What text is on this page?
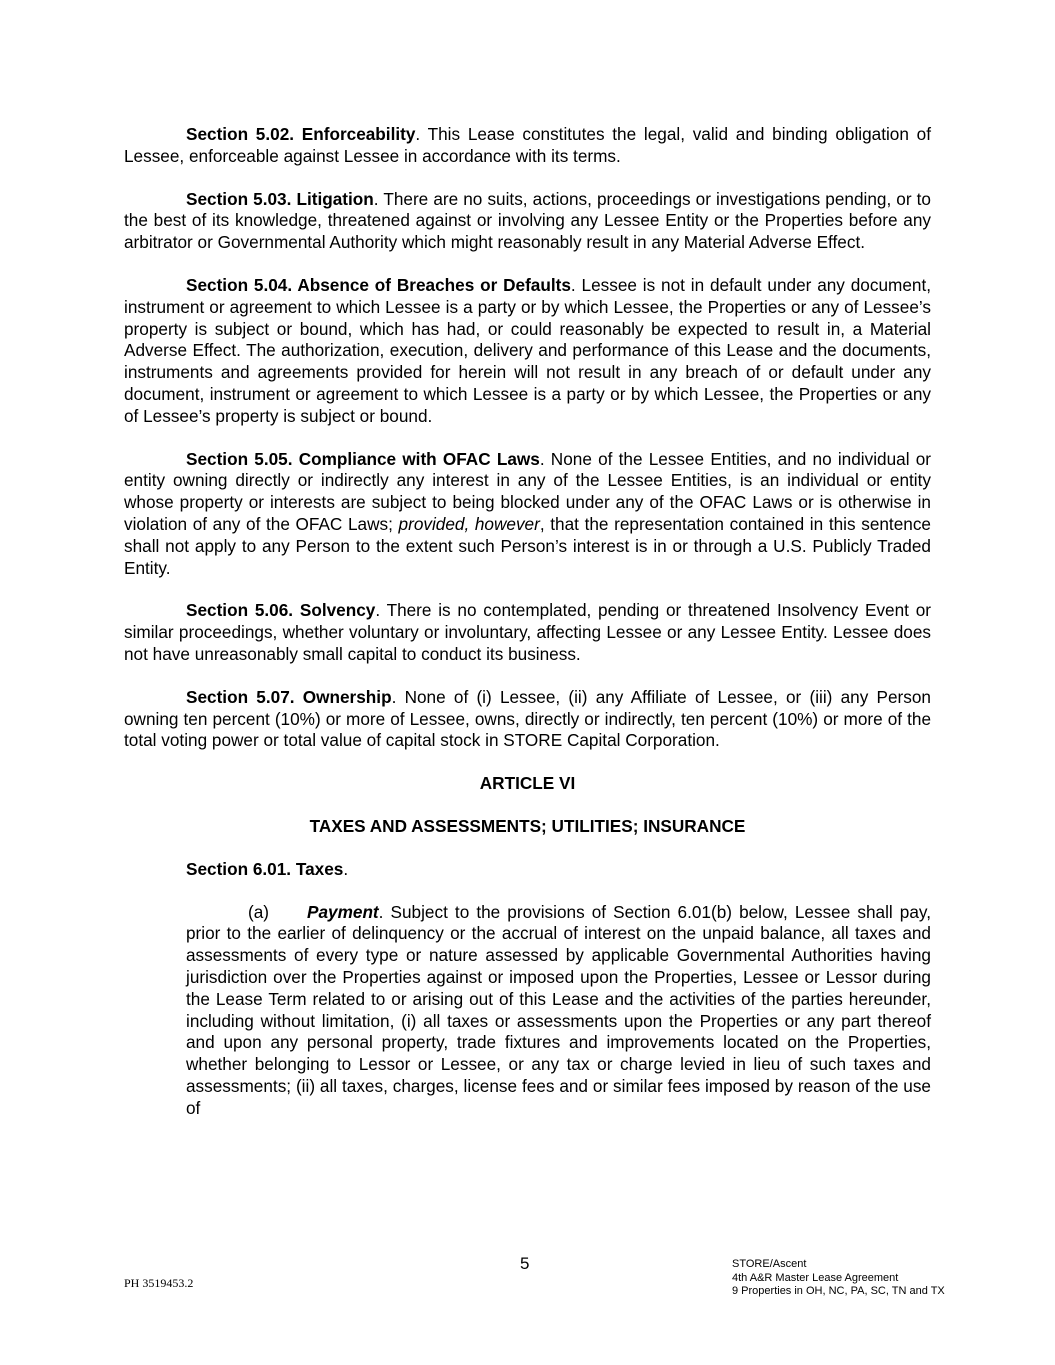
Section 5.02. Enforceability. This Lease constitutes the legal, valid and binding obligation of Lessee, enforceable against Lessee in accordance with its terms.

Section 5.03. Litigation. There are no suits, actions, proceedings or investigations pending, or to the best of its knowledge, threatened against or involving any Lessee Entity or the Properties before any arbitrator or Governmental Authority which might reasonably result in any Material Adverse Effect.

Section 5.04. Absence of Breaches or Defaults. Lessee is not in default under any document, instrument or agreement to which Lessee is a party or by which Lessee, the Properties or any of Lessee’s property is subject or bound, which has had, or could reasonably be expected to result in, a Material Adverse Effect. The authorization, execution, delivery and performance of this Lease and the documents, instruments and agreements provided for herein will not result in any breach of or default under any document, instrument or agreement to which Lessee is a party or by which Lessee, the Properties or any of Lessee’s property is subject or bound.

Section 5.05. Compliance with OFAC Laws. None of the Lessee Entities, and no individual or entity owning directly or indirectly any interest in any of the Lessee Entities, is an individual or entity whose property or interests are subject to being blocked under any of the OFAC Laws or is otherwise in violation of any of the OFAC Laws; provided, however, that the representation contained in this sentence shall not apply to any Person to the extent such Person’s interest is in or through a U.S. Publicly Traded Entity.

Section 5.06. Solvency. There is no contemplated, pending or threatened Insolvency Event or similar proceedings, whether voluntary or involuntary, affecting Lessee or any Lessee Entity. Lessee does not have unreasonably small capital to conduct its business.

Section 5.07. Ownership. None of (i) Lessee, (ii) any Affiliate of Lessee, or (iii) any Person owning ten percent (10%) or more of Lessee, owns, directly or indirectly, ten percent (10%) or more of the total voting power or total value of capital stock in STORE Capital Corporation.

ARTICLE VI

TAXES AND ASSESSMENTS; UTILITIES; INSURANCE

Section 6.01. Taxes.

(a) Payment. Subject to the provisions of Section 6.01(b) below, Lessee shall pay, prior to the earlier of delinquency or the accrual of interest on the unpaid balance, all taxes and assessments of every type or nature assessed by applicable Governmental Authorities having jurisdiction over the Properties against or imposed upon the Properties, Lessee or Lessor during the Lease Term related to or arising out of this Lease and the activities of the parties hereunder, including without limitation, (i) all taxes or assessments upon the Properties or any part thereof and upon any personal property, trade fixtures and improvements located on the Properties, whether belonging to Lessor or Lessee, or any tax or charge levied in lieu of such taxes and assessments; (ii) all taxes, charges, license fees and or similar fees imposed by reason of the use of

5
PH 3519453.2
STORE/Ascent
4th A&R Master Lease Agreement
9 Properties in OH, NC, PA, SC, TN and TX
